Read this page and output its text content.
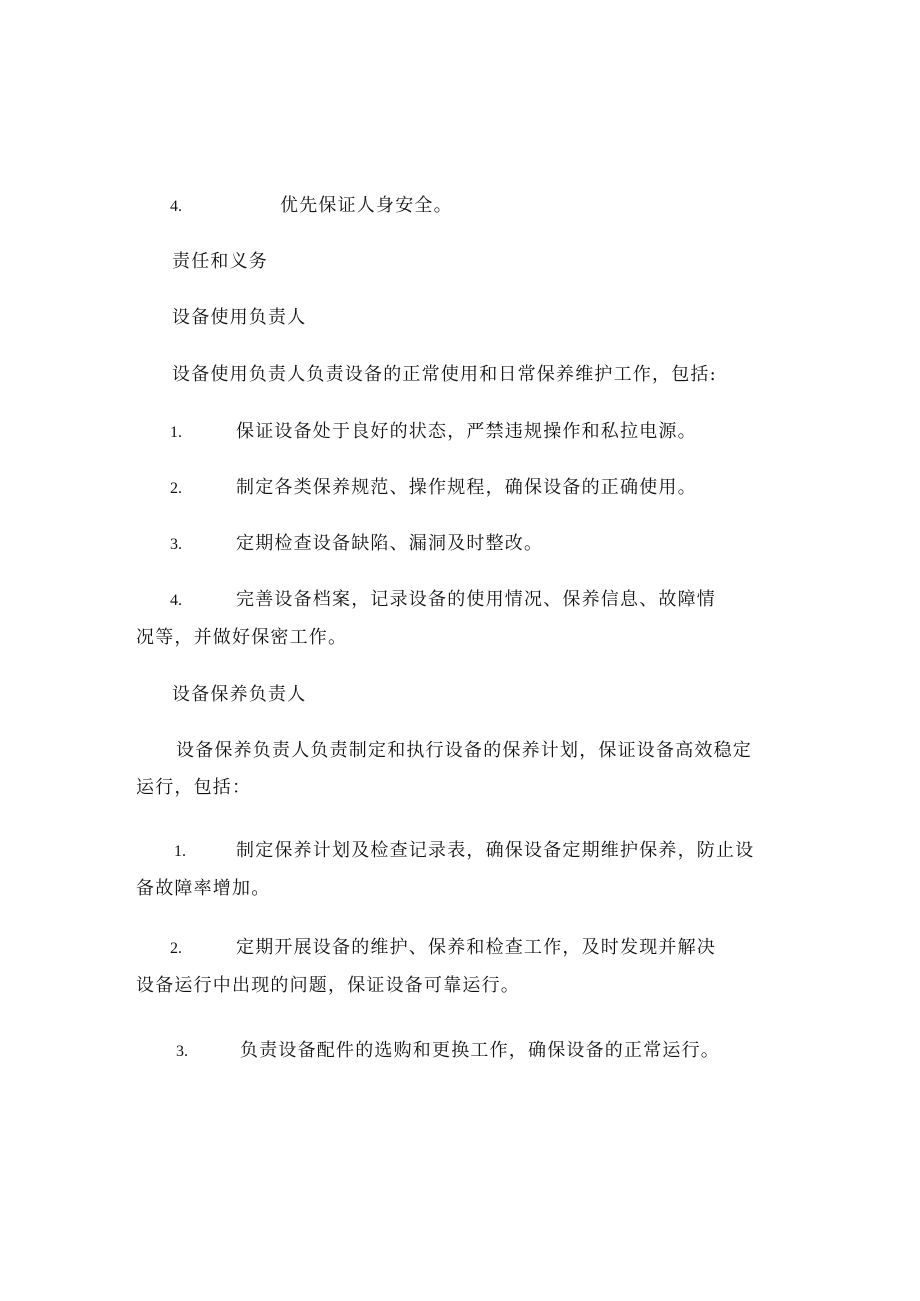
4.	优先保证人身安全。
责任和义务
设备使用负责人
设备使用负责人负责设备的正常使用和日常保养维护工作，包括:
1.	保证设备处于良好的状态，严禁违规操作和私拉电源。
2.	制定各类保养规范、操作规程，确保设备的正确使用。
3.	定期检查设备缺陷、漏洞及时整改。
4.	完善设备档案，记录设备的使用情况、保养信息、故障情
况等，并做好保密工作。
设备保养负责人
设备保养负责人负责制定和执行设备的保养计划，保证设备高效稳定
运行，包括：
1.	制定保养计划及检查记录表，确保设备定期维护保养，防止设
备故障率增加。
2.	定期开展设备的维护、保养和检查工作，及时发现并解决
设备运行中出现的问题，保证设备可靠运行。
3.	负责设备配件的选购和更换工作，确保设备的正常运行。
